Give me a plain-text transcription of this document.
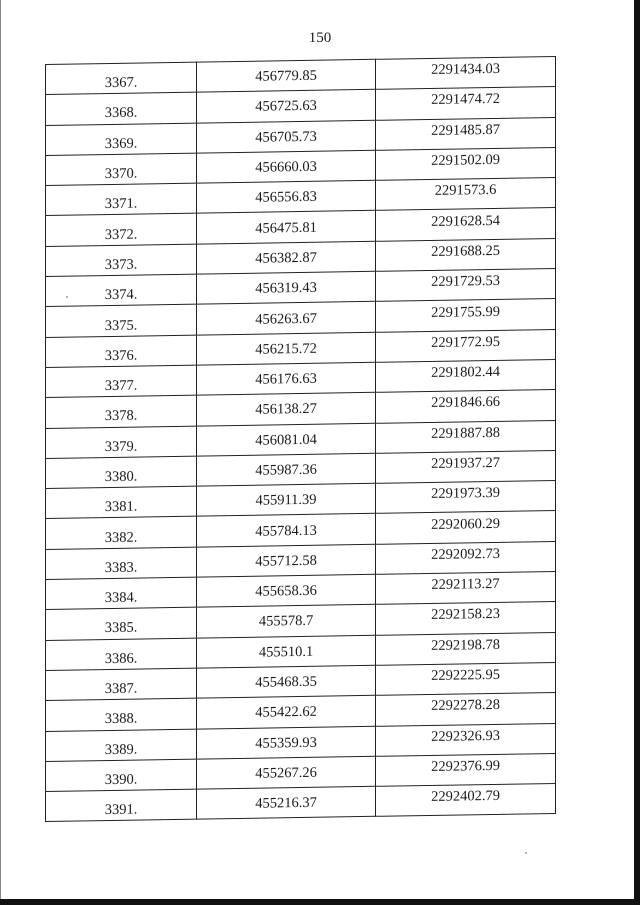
150
3367.	456779.85	2291434.03
3368.	456725.63	2291474.72
3369.	456705.73	2291485.87
3370.	456660.03	2291502.09
3371.	456556.83	2291573.6
3372.	456475.81	2291628.54
3373.	456382.87	2291688.25
3374.	456319.43	2291729.53
3375.	456263.67	2291755.99
3376.	456215.72	2291772.95
3377.	456176.63	2291802.44
3378.	456138.27	2291846.66
3379.	456081.04	2291887.88
3380.	455987.36	2291937.27
3381.	455911.39	2291973.39
3382.	455784.13	2292060.29
3383.	455712.58	2292092.73
3384.	455658.36	2292113.27
3385.	455578.7	2292158.23
3386.	455510.1	2292198.78
3387.	455468.35	2292225.95
3388.	455422.62	2292278.28
3389.	455359.93	2292326.93
3390.	455267.26	2292376.99
3391.	455216.37	2292402.79
